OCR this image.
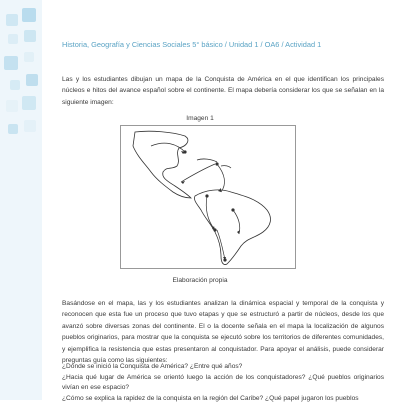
Historia, Geografía y Ciencias Sociales 5° básico / Unidad 1 / OA6 / Actividad 1
Las y los estudiantes dibujan un mapa de la Conquista de América en el que identifican los principales núcleos e hitos del avance español sobre el continente. El mapa debería considerar los que se señalan en la siguiente imagen:
Imagen 1
Elaboración propia
Basándose en el mapa, las y los estudiantes analizan la dinámica espacial y temporal de la conquista y reconocen que esta fue un proceso que tuvo etapas y que se estructuró a partir de núcleos, desde los que avanzó sobre diversas zonas del continente. El o la docente señala en el mapa la localización de algunos pueblos originarios, para mostrar que la conquista se ejecutó sobre los territorios de diferentes comunidades, y ejemplifica la resistencia que estas presentaron al conquistador. Para apoyar el análisis, puede considerar preguntas guía como las siguientes:
¿Dónde se inició la Conquista de América? ¿Entre qué años?
¿Hacia qué lugar de América se orientó luego la acción de los conquistadores? ¿Qué pueblos originarios vivían en ese espacio?
¿Cómo se explica la rapidez de la conquista en la región del Caribe? ¿Qué papel jugaron los pueblos
